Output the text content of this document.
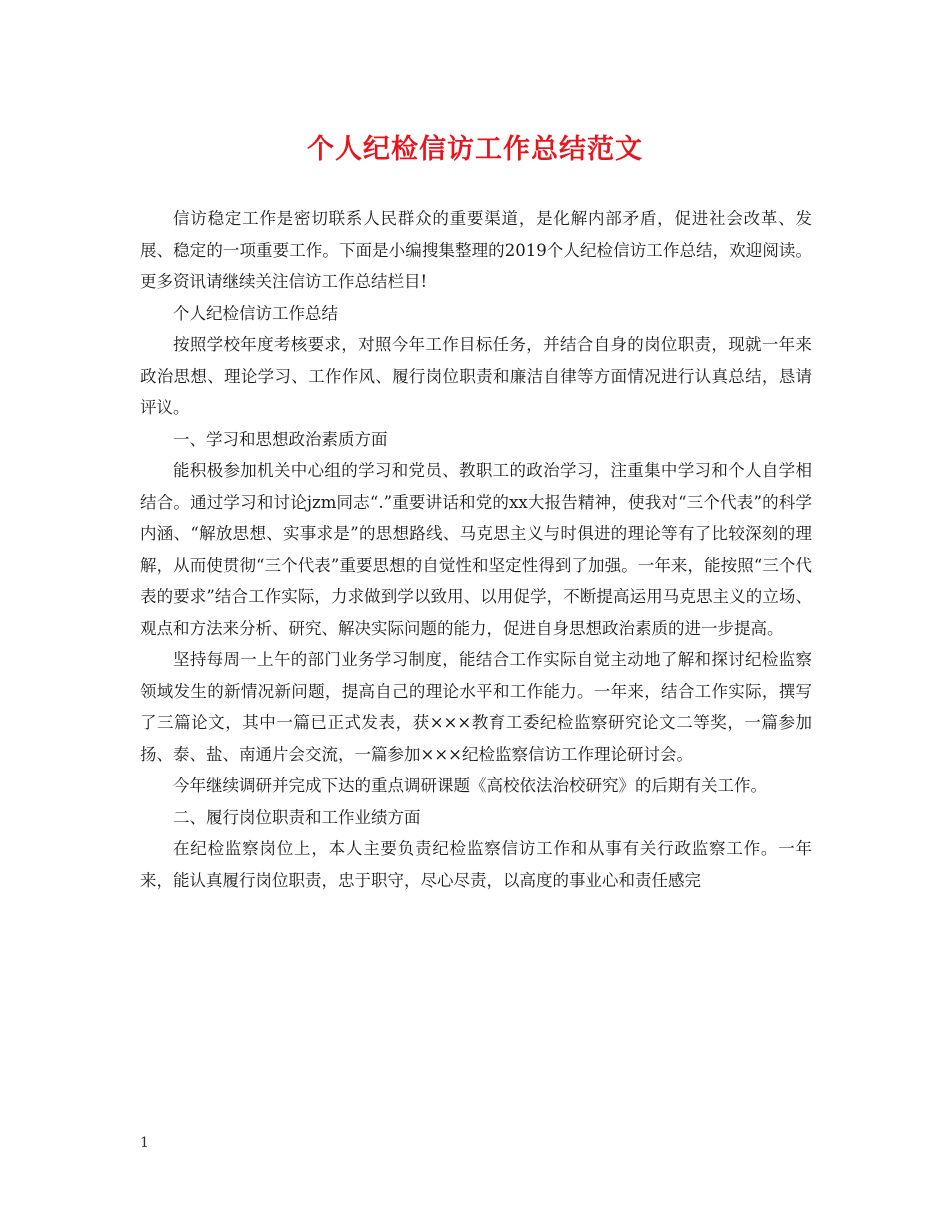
个人纪检信访工作总结范文

信访稳定工作是密切联系人民群众的重要渠道，是化解内部矛盾，促进社会改革、发展、稳定的一项重要工作。下面是小编搜集整理的2019个人纪检信访工作总结，欢迎阅读。更多资讯请继续关注信访工作总结栏目!

个人纪检信访工作总结

按照学校年度考核要求，对照今年工作目标任务，并结合自身的岗位职责，现就一年来政治思想、理论学习、工作作风、履行岗位职责和廉洁自律等方面情况进行认真总结，恳请评议。

一、学习和思想政治素质方面

能积极参加机关中心组的学习和党员、教职工的政治学习，注重集中学习和个人自学相结合。通过学习和讨论jzm同志“.”重要讲话和党的xx大报告精神，使我对“三个代表”的科学内涵、“解放思想、实事求是”的思想路线、马克思主义与时俱进的理论等有了比较深刻的理解，从而使贯彻“三个代表”重要思想的自觉性和坚定性得到了加强。一年来，能按照“三个代表的要求”结合工作实际，力求做到学以致用、以用促学，不断提高运用马克思主义的立场、观点和方法来分析、研究、解决实际问题的能力，促进自身思想政治素质的进一步提高。

坚持每周一上午的部门业务学习制度，能结合工作实际自觉主动地了解和探讨纪检监察领域发生的新情况新问题，提高自己的理论水平和工作能力。一年来，结合工作实际，撰写了三篇论文，其中一篇已正式发表，获×××教育工委纪检监察研究论文二等奖，一篇参加扬、泰、盐、南通片会交流，一篇参加×××纪检监察信访工作理论研讨会。

今年继续调研并完成下达的重点调研课题《高校依法治校研究》的后期有关工作。

二、履行岗位职责和工作业绩方面

在纪检监察岗位上，本人主要负责纪检监察信访工作和从事有关行政监察工作。一年来，能认真履行岗位职责，忠于职守，尽心尽责，以高度的事业心和责任感完

1
